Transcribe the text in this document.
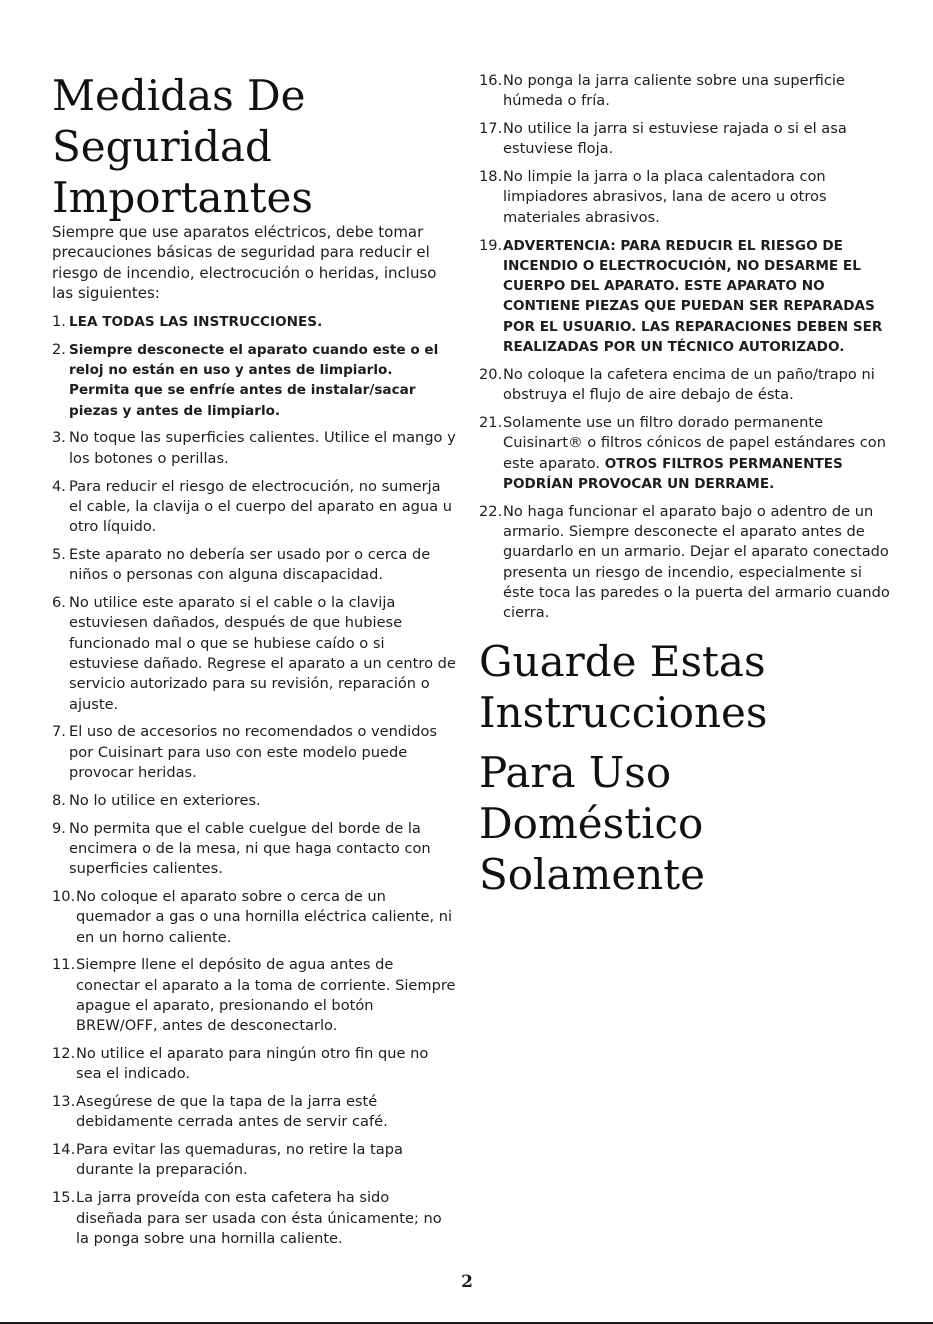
Medidas De
Seguridad
Importantes

Siempre que use aparatos eléctricos, debe tomar precauciones básicas de seguridad para reducir el riesgo de incendio, electrocución o heridas, incluso las siguientes:

1. LEA TODAS LAS INSTRUCCIONES.
2. Siempre desconecte el aparato cuando este o el reloj no están en uso y antes de limpiarlo. Permita que se enfríe antes de instalar/sacar piezas y antes de limpiarlo.
3. No toque las superficies calientes. Utilice el mango y los botones o perillas.
4. Para reducir el riesgo de electrocución, no sumerja el cable, la clavija o el cuerpo del aparato en agua u otro líquido.
5. Este aparato no debería ser usado por o cerca de niños o personas con alguna discapacidad.
6. No utilice este aparato si el cable o la clavija estuviesen dañados, después de que hubiese funcionado mal o que se hubiese caído o si estuviese dañado. Regrese el aparato a un centro de servicio autorizado para su revisión, reparación o ajuste.
7. El uso de accesorios no recomendados o vendidos por Cuisinart para uso con este modelo puede provocar heridas.
8. No lo utilice en exteriores.
9. No permita que el cable cuelgue del borde de la encimera o de la mesa, ni que haga contacto con superficies calientes.
10. No coloque el aparato sobre o cerca de un quemador a gas o una hornilla eléctrica caliente, ni en un horno caliente.
11. Siempre llene el depósito de agua antes de conectar el aparato a la toma de corriente. Siempre apague el aparato, presionando el botón BREW/OFF, antes de desconectarlo.
12. No utilice el aparato para ningún otro fin que no sea el indicado.
13. Asegúrese de que la tapa de la jarra esté debidamente cerrada antes de servir café.
14. Para evitar las quemaduras, no retire la tapa durante la preparación.
15. La jarra proveída con esta cafetera ha sido diseñada para ser usada con ésta únicamente; no la ponga sobre una hornilla caliente.
16. No ponga la jarra caliente sobre una superficie húmeda o fría.
17. No utilice la jarra si estuviese rajada o si el asa estuviese floja.
18. No limpie la jarra o la placa calentadora con limpiadores abrasivos, lana de acero u otros materiales abrasivos.
19. ADVERTENCIA: PARA REDUCIR EL RIESGO DE INCENDIO O ELECTROCUCIÓN, NO DESARME EL CUERPO DEL APARATO. ESTE APARATO NO CONTIENE PIEZAS QUE PUEDAN SER REPARADAS POR EL USUARIO. LAS REPARACIONES DEBEN SER REALIZADAS POR UN TÉCNICO AUTORIZADO.
20. No coloque la cafetera encima de un paño/trapo ni obstruya el flujo de aire debajo de ésta.
21. Solamente use un filtro dorado permanente Cuisinart® o filtros cónicos de papel estándares con este aparato. OTROS FILTROS PERMANENTES PODRÍAN PROVOCAR UN DERRAME.
22. No haga funcionar el aparato bajo o adentro de un armario. Siempre desconecte el aparato antes de guardarlo en un armario. Dejar el aparato conectado presenta un riesgo de incendio, especialmente si éste toca las paredes o la puerta del armario cuando cierra.
Guarde Estas
Instrucciones
Para Uso
Doméstico
Solamente
2
